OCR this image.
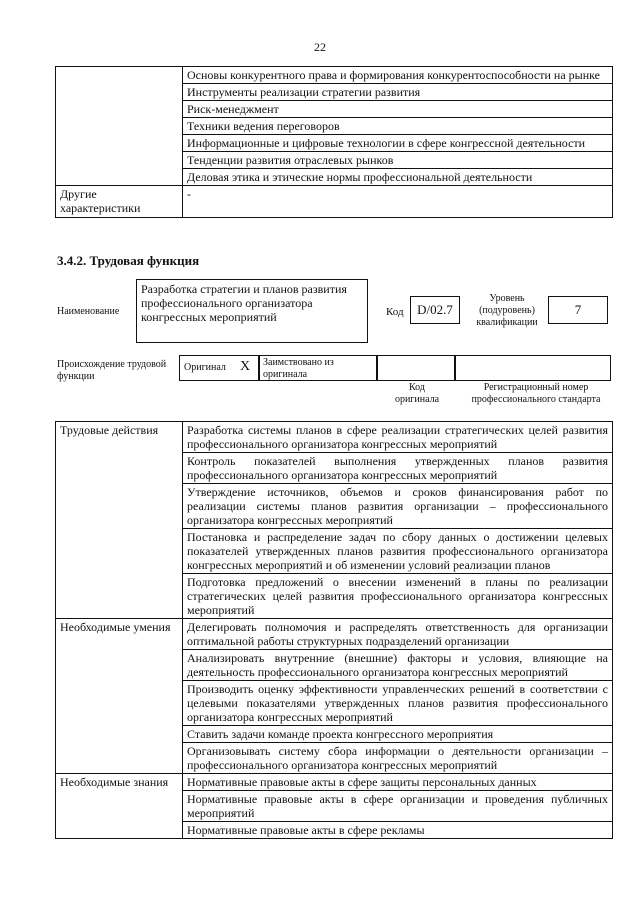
22
	Основы конкурентного права и формирования конкурентоспособности на рынке
	Инструменты реализации стратегии развития
	Риск-менеджмент
	Техники ведения переговоров
	Информационные и цифровые технологии в сфере конгрессной деятельности
	Тенденции развития отраслевых рынков
	Деловая этика и этические нормы профессиональной деятельности
Другие характеристики	-
3.4.2. Трудовая функция
Наименование
Разработка стратегии и планов развития профессионального организатора конгрессных мероприятий	Код	D/02.7
Уровень (подуровень) квалификации
7
Происхождение трудовой функции
Оригинал X Заимствовано из оригинала
Код оригинала
Регистрационный номер профессионального стандарта
Трудовые действия	Разработка системы планов в сфере реализации стратегических целей развития профессионального организатора конгрессных мероприятий
	Контроль показателей выполнения утвержденных планов развития профессионального организатора конгрессных мероприятий
	Утверждение источников, объемов и сроков финансирования работ по реализации системы планов развития организации – профессионального организатора конгрессных мероприятий
	Постановка и распределение задач по сбору данных о достижении целевых показателей утвержденных планов развития профессионального организатора конгрессных мероприятий и об изменении условий реализации планов
	Подготовка предложений о внесении изменений в планы по реализации стратегических целей развития профессионального организатора конгрессных мероприятий
Необходимые умения	Делегировать полномочия и распределять ответственность для организации оптимальной работы структурных подразделений организации
	Анализировать внутренние (внешние) факторы и условия, влияющие на деятельность профессионального организатора конгрессных мероприятий
	Производить оценку эффективности управленческих решений в соответствии с целевыми показателями утвержденных планов развития профессионального организатора конгрессных мероприятий
	Ставить задачи команде проекта конгрессного мероприятия
	Организовывать систему сбора информации о деятельности организации – профессионального организатора конгрессных мероприятий
Необходимые знания	Нормативные правовые акты в сфере защиты персональных данных
	Нормативные правовые акты в сфере организации и проведения публичных мероприятий
	Нормативные правовые акты в сфере рекламы
